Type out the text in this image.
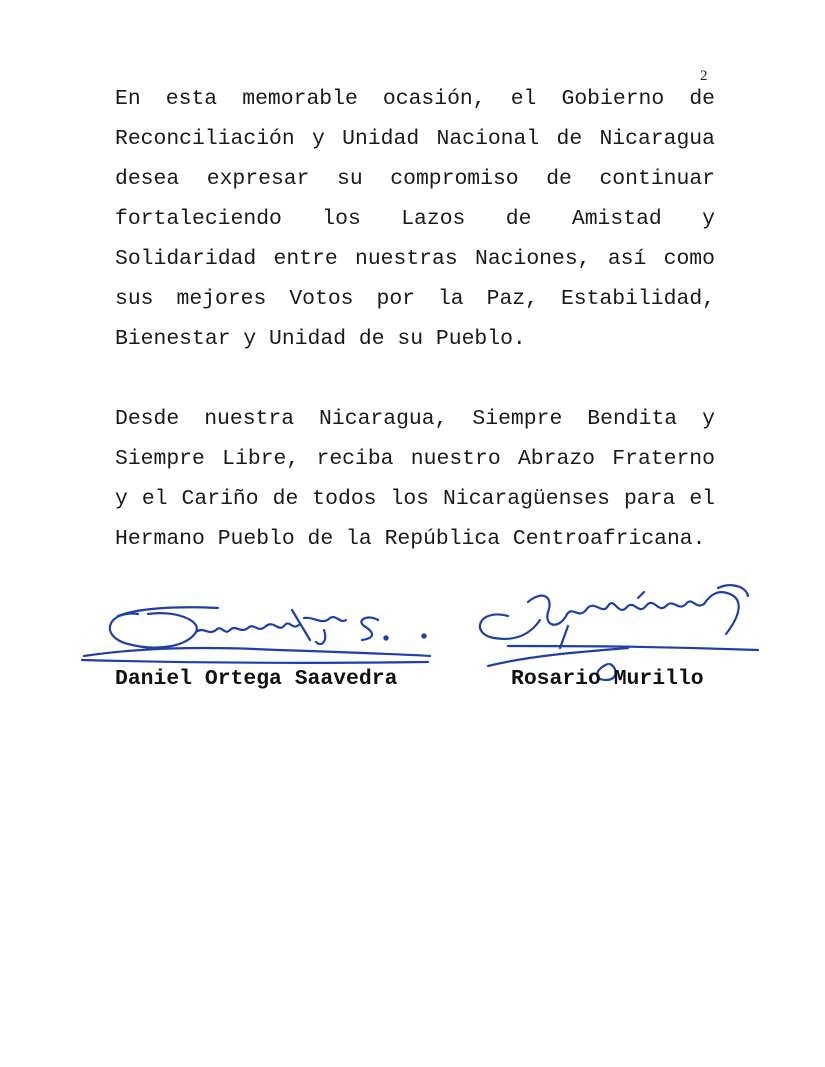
2

En esta memorable ocasión, el Gobierno de Reconciliación y Unidad Nacional de Nicaragua desea expresar su compromiso de continuar fortaleciendo los Lazos de Amistad y Solidaridad entre nuestras Naciones, así como sus mejores Votos por la Paz, Estabilidad, Bienestar y Unidad de su Pueblo.

Desde nuestra Nicaragua, Siempre Bendita y Siempre Libre, reciba nuestro Abrazo Fraterno y el Cariño de todos los Nicaragüenses para el Hermano Pueblo de la República Centroafricana.

Daniel Ortega Saavedra	Rosario Murillo
